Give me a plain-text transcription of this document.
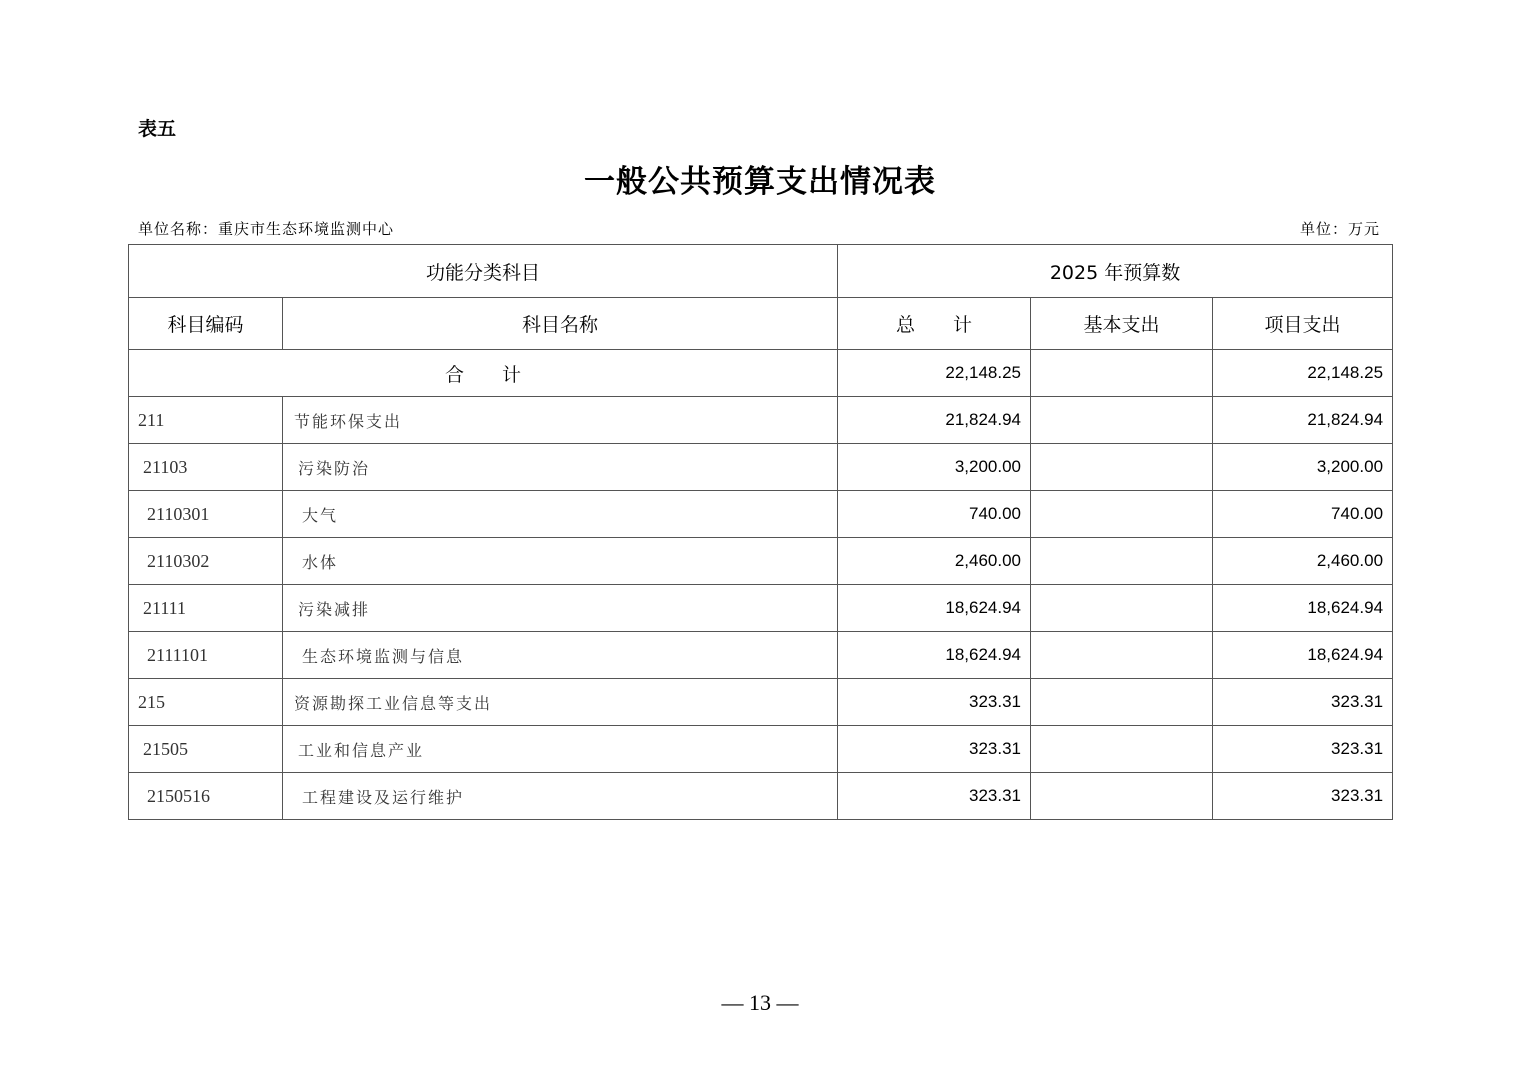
表五
一般公共预算支出情况表
单位名称：重庆市生态环境监测中心	单位：万元
功能分类科目		2025 年预算数		
科目编码	科目名称	总　　计	基本支出	项目支出
合　　计		22,148.25		22,148.25
211	节能环保支出	21,824.94		21,824.94
21103	污染防治	3,200.00		3,200.00
2110301	大气	740.00		740.00
2110302	水体	2,460.00		2,460.00
21111	污染减排	18,624.94		18,624.94
2111101	生态环境监测与信息	18,624.94		18,624.94
215	资源勘探工业信息等支出	323.31		323.31
21505	工业和信息产业	323.31		323.31
2150516	工程建设及运行维护	323.31		323.31
— 13 —
